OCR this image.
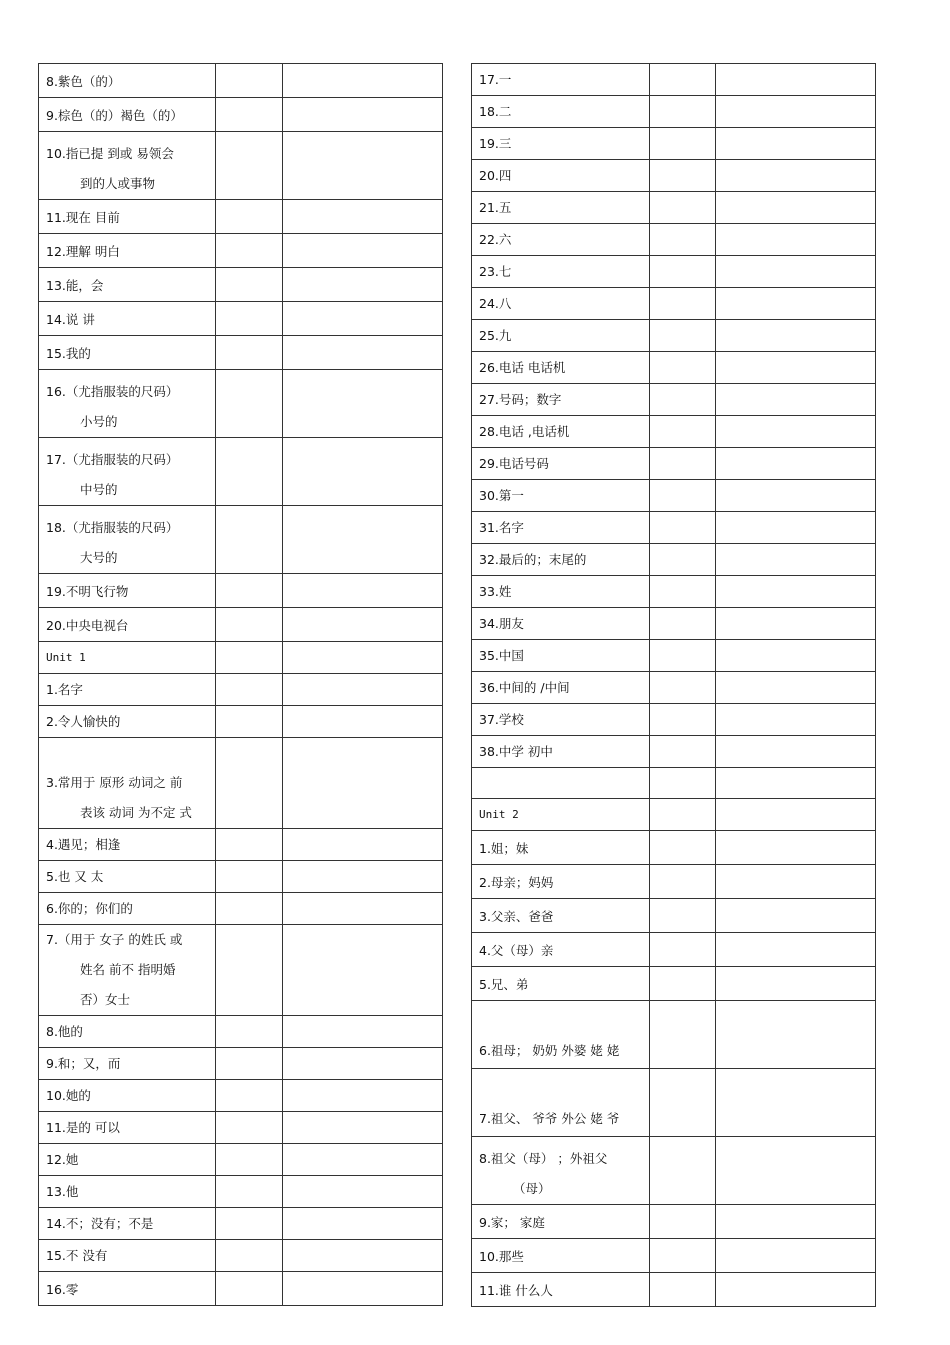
8.紫色（的）		

9.棕色（的）褐色（的）		

10.指已提 到或 易领会
到的人或事物		

11.现在 目前		

12.理解 明白		

13.能，会		

14.说 讲		

15.我的		

16.（尤指服装的尺码）
小号的		

17.（尤指服装的尺码）
中号的		

18.（尤指服装的尺码）
大号的		

19.不明飞行物		

20.中央电视台		

Unit 1		

1.名字		

2.令人愉快的		

3.常用于 原形 动词之 前
表该 动词 为不定 式		

4.遇见；相逢		

5.也 又 太		

6.你的；你们的		

7.（用于 女子 的姓氏 或
姓名 前不 指明婚
否）女士		

8.他的		

9.和；又，而		

10.她的		

11.是的 可以		

12.她		

13.他		

14.不；没有；不是		

15.不 没有		

16.零		

17.一		

18.二		

19.三		

20.四		

21.五		

22.六		

23.七		

24.八		

25.九		

26.电话 电话机		

27.号码；数字		

28.电话 ,电话机		

29.电话号码		

30.第一		

31.名字		

32.最后的；末尾的		

33.姓		

34.朋友		

35.中国		

36.中间的 /中间		

37.学校		

38.中学 初中		

Unit 2		

1.姐；妹		

2.母亲；妈妈		

3.父亲、爸爸		

4.父（母）亲		

5.兄、弟		

6.祖母； 奶奶 外婆 姥 姥		

7.祖父、 爷爷 外公 姥 爷		

8.祖父（母） ；外祖父
（母）		

9.家； 家庭		

10.那些		

11.谁 什么人		
